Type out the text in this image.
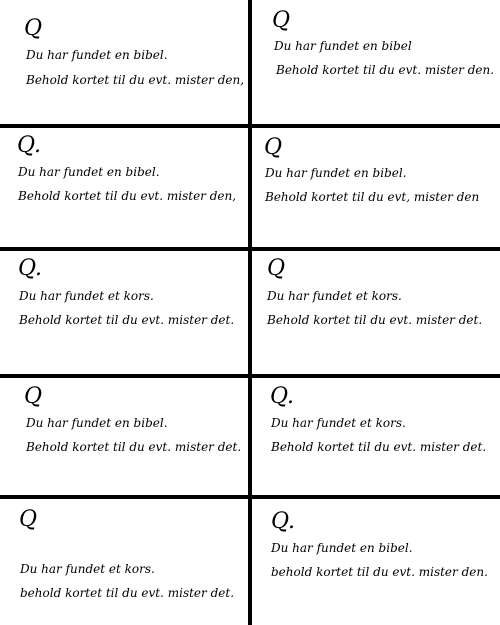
Q
Du har fundet en bibel.
Behold kortet til du evt. mister den,
Q
Du har fundet en bibel
Behold kortet til du evt. mister den.
Q.
Du har fundet en bibel.
Behold kortet til du evt. mister den,
Q
Du har fundet en bibel.
Behold kortet til du evt, mister den
Q.
Du har fundet et kors.
Behold kortet til du evt. mister det.
Q
Du har fundet et kors.
Behold kortet til du evt. mister det.
Q
Du har fundet en bibel.
Behold kortet til du evt. mister det.
Q.
Du har fundet et kors.
Behold kortet til du evt. mister det.
Q
Du har fundet et kors.
behold kortet til du evt. mister det.
Q.
Du har fundet en bibel.
behold kortet til du evt. mister den.
